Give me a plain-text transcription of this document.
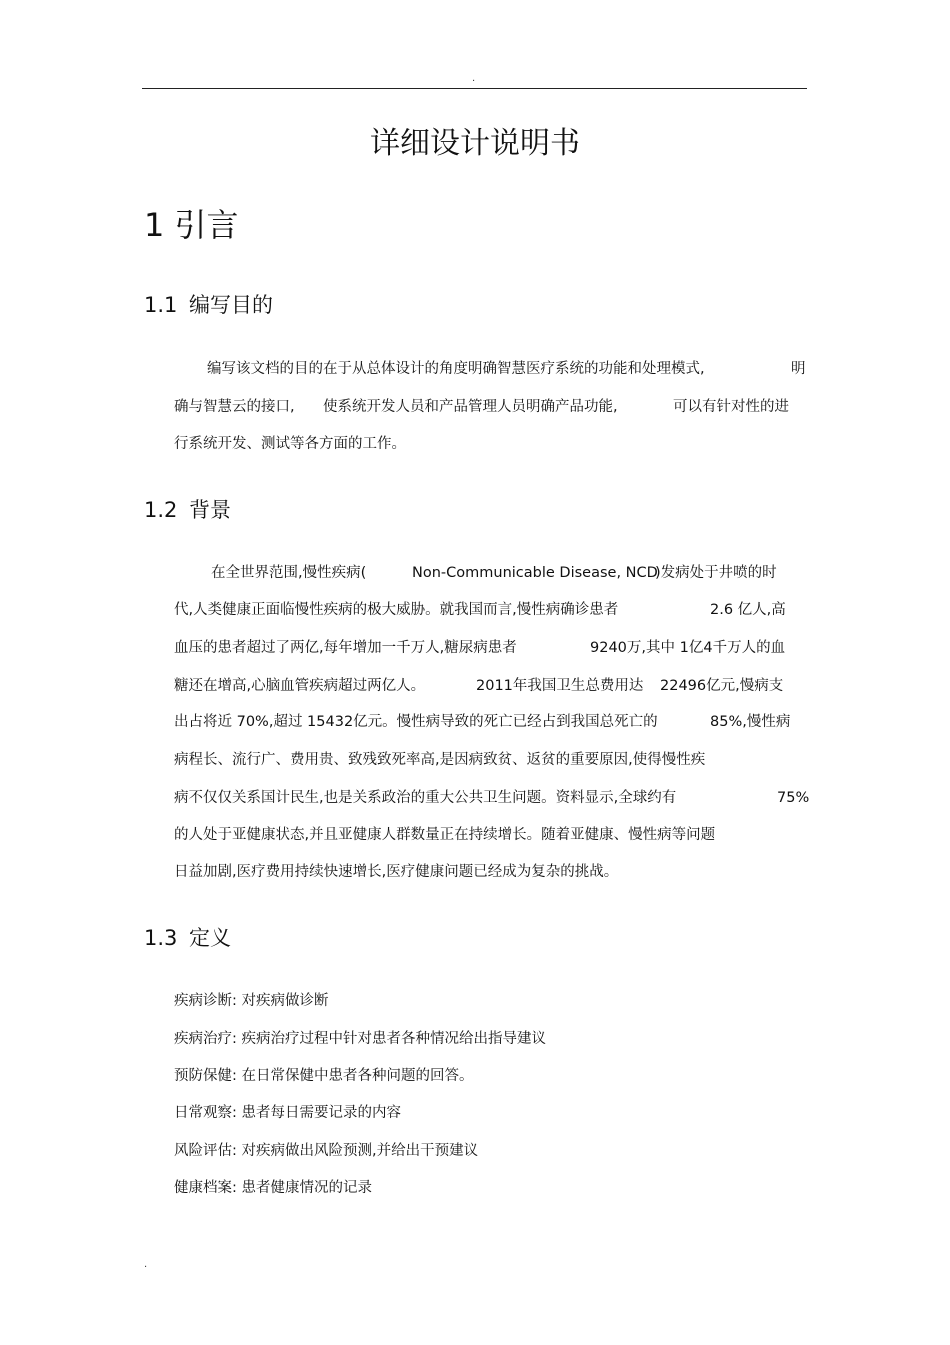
.
详细设计说明书
1 引言
1.1 编写目的
编写该文档的目的在于从总体设计的角度明确智慧医疗系统的功能和处理模式,	明
确与智慧云的接口, 使系统开发人员和产品管理人员明确产品功能,	可以有针对性的进
行系统开发、测试等各方面的工作。
1.2 背景
在全世界范围,慢性疾病(	Non-Communicable Disease, NCD
)发病处于井喷的时
代,人类健康正面临慢性疾病的极大威胁。就我国而言,慢性病确诊患者	2.6 亿人,高
血压的患者超过了两亿,每年增加一千万人,糖尿病患者	9240万,其中 1亿4千万人的血
糖还在增高,心脑血管疾病超过两亿人。	2011年我国卫生总费用达 22496亿元,慢病支
出占将近 70%,超过 15432亿元。慢性病导致的死亡已经占到我国总死亡的	85%,慢性病
病程长、流行广、费用贵、致残致死率高,是因病致贫、返贫的重要原因,使得慢性疾
病不仅仅关系国计民生,也是关系政治的重大公共卫生问题。资料显示,全球约有	75%
的人处于亚健康状态,并且亚健康人群数量正在持续增长。随着亚健康、慢性病等问题
日益加剧,医疗费用持续快速增长,医疗健康问题已经成为复杂的挑战。
1.3 定义
疾病诊断: 对疾病做诊断
疾病治疗: 疾病治疗过程中针对患者各种情况给出指导建议
预防保健: 在日常保健中患者各种问题的回答。
日常观察: 患者每日需要记录的内容
风险评估: 对疾病做出风险预测,并给出干预建议
健康档案: 患者健康情况的记录
.
